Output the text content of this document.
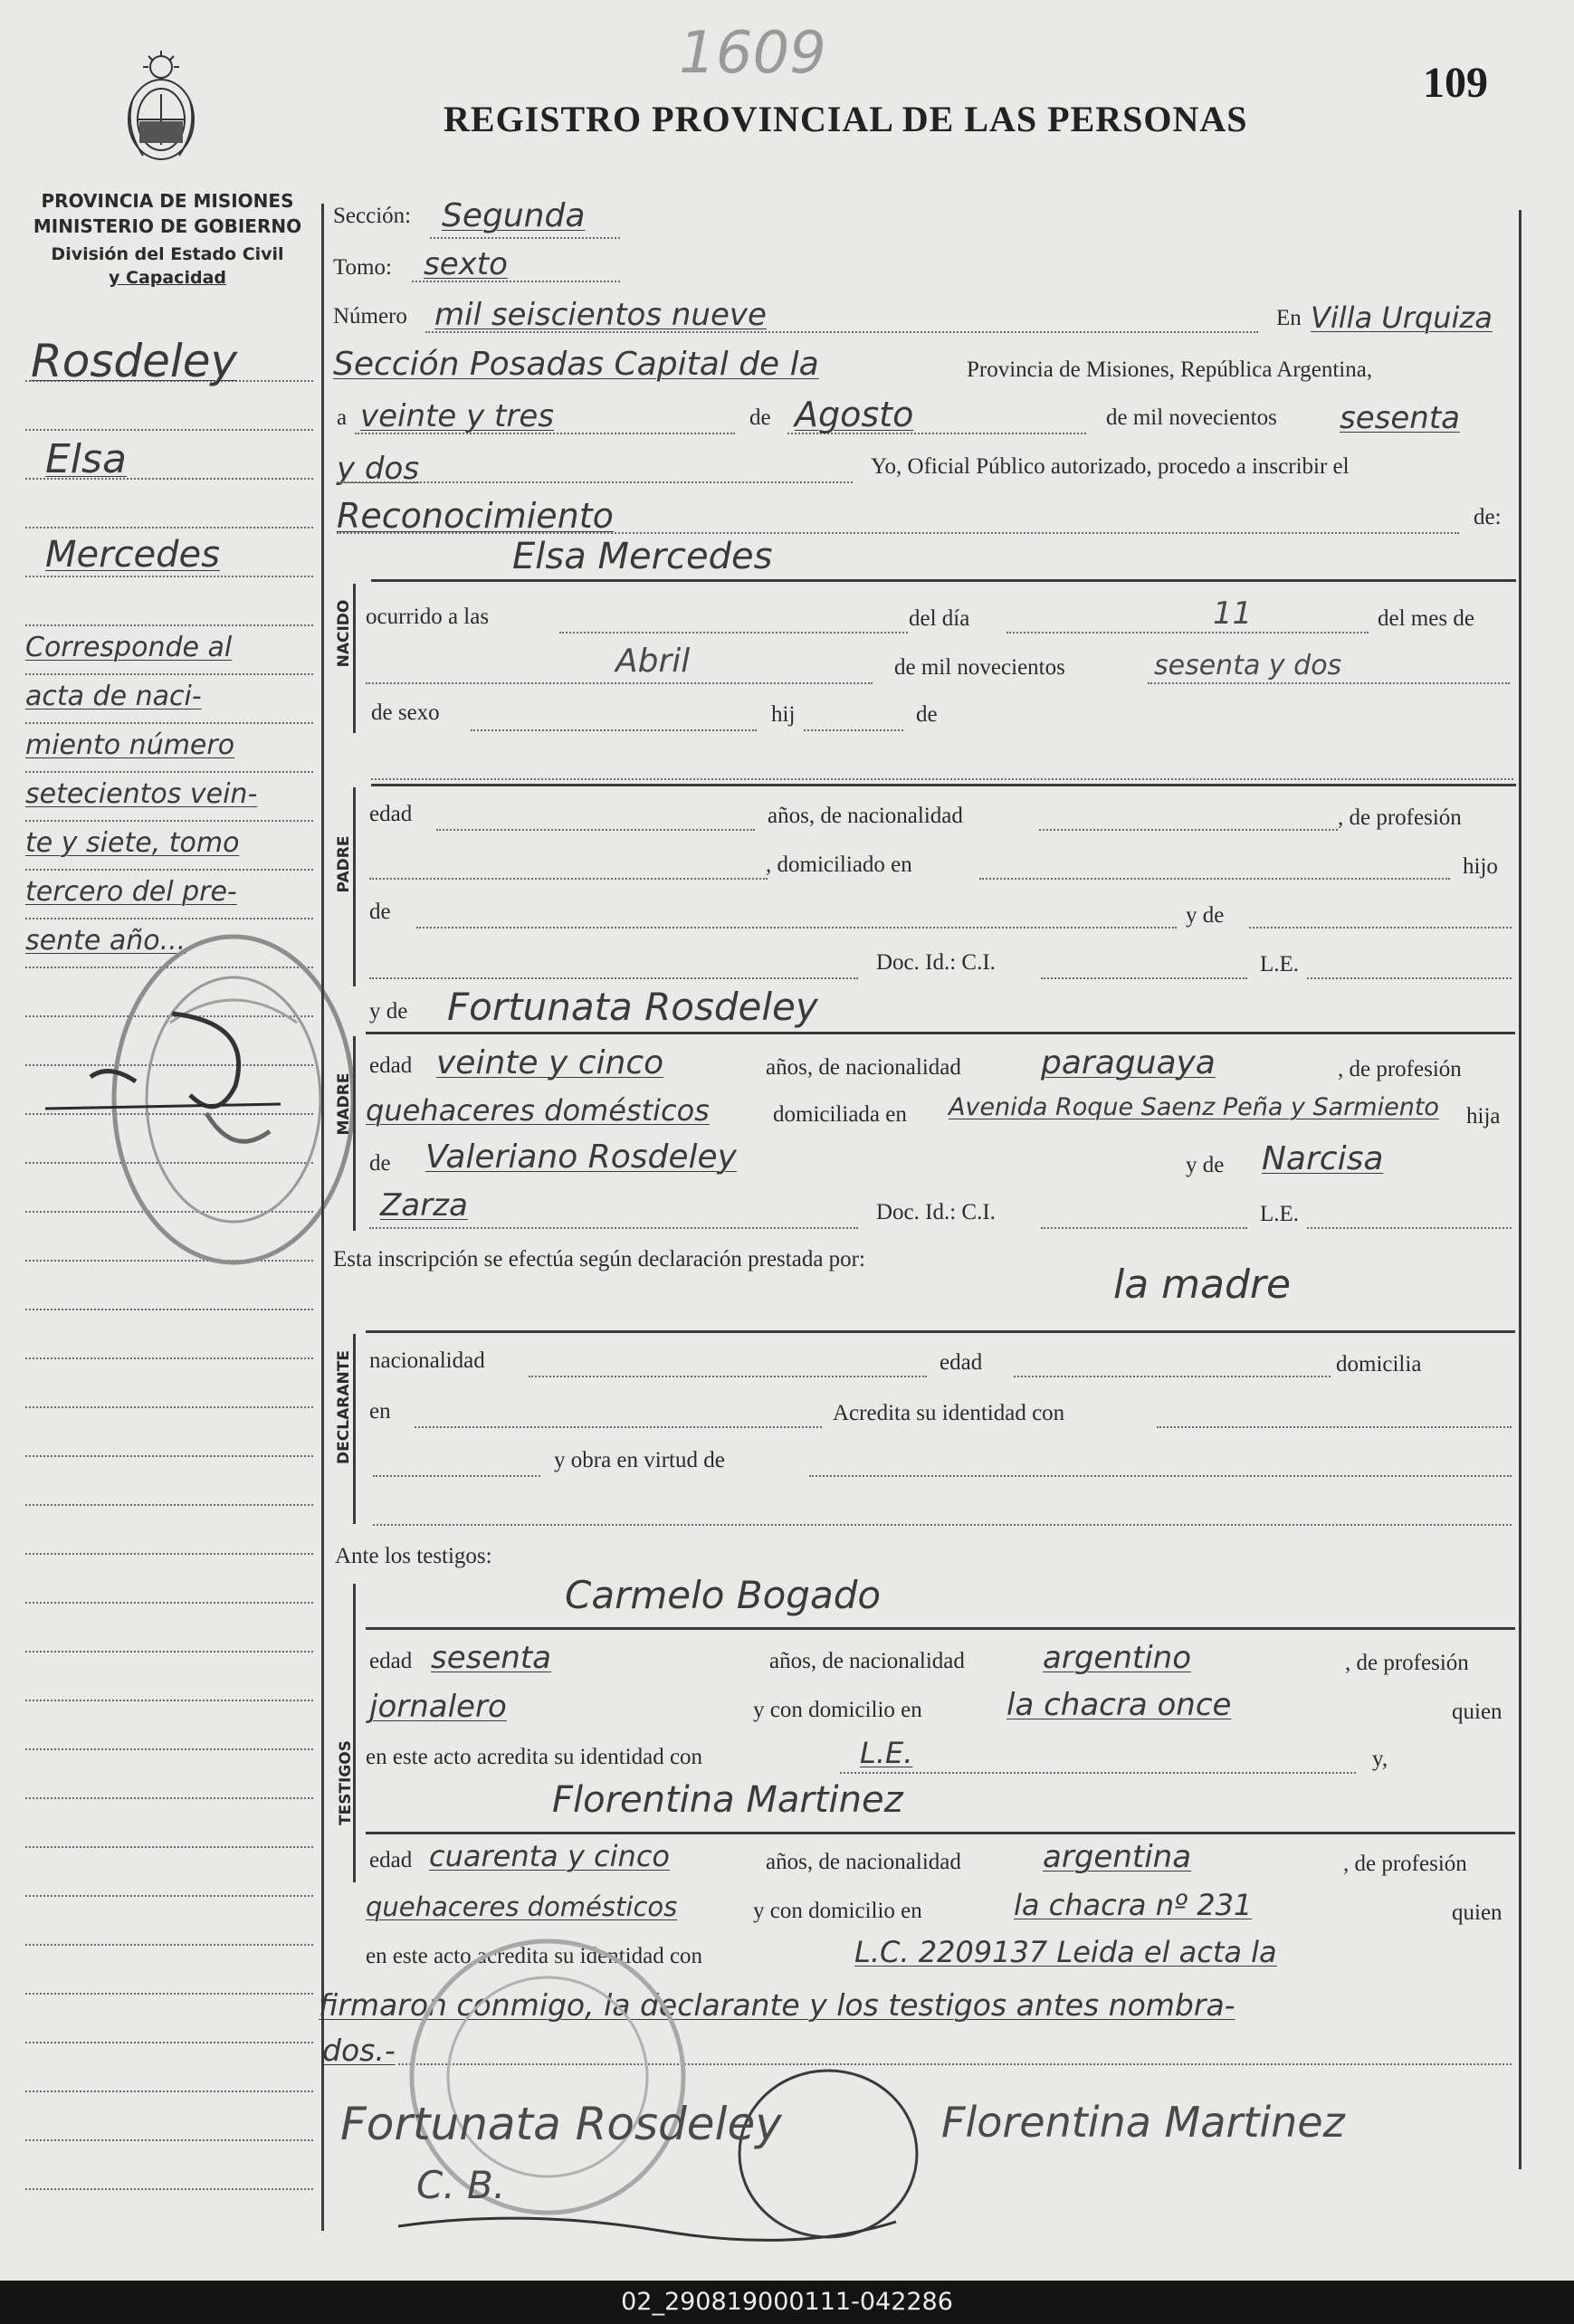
1609	109
REGISTRO PROVINCIAL DE LAS PERSONAS
PROVINCIA DE MISIONES
MINISTERIO DE GOBIERNO
División del Estado Civil
y Capacidad
Rosdeley
Elsa
Mercedes
Corresponde al
acta de naci-
miento número
setecientos vein-
te y siete, tomo
tercero del pre-
sente año...
Sección: Segunda
Tomo: sexto
Número mil seiscientos nueve	En Villa Urquiza
Sección Posadas Capital de la	Provincia de Misiones, República Argentina,
a veinte y tres	de Agosto	de mil novecientos sesenta
y dos	Yo, Oficial Público autorizado, procedo a inscribir el
Reconocimiento	de:
Elsa Mercedes
NACIDO ocurrido a las	del día	11	del mes de
Abril	de mil novecientos	sesenta y dos
de sexo	hij	de
PADRE
edad	años, de nacionalidad	, de profesión
, domiciliado en	hijo
de	y de
Doc. Id.: C.I.	L.E.
y de Fortunata Rosdeley
MADRE
edad veinte y cinco	años, de nacionalidad paraguaya	, de profesión
quehaceres domésticos	domiciliada en Avenida Roque Saenz Peña y Sarmiento hija
de Valeriano Rosdeley	y de Narcisa
Zarza	Doc. Id.: C.I.	L.E.
Esta inscripción se efectúa según declaración prestada por:
la madre
DECLARANTE nacionalidad	edad	domicilia
en	Acredita su identidad con
y obra en virtud de
Ante los testigos:
TESTIGOS
Carmelo Bogado
edad sesenta	años, de nacionalidad	argentino	, de profesión
jornalero	y con domicilio en	la chacra once	quien
en este acto acredita su identidad con	L.E.	y,
Florentina Martinez
edad cuarenta y cinco	años, de nacionalidad	argentina	, de profesión
quehaceres domésticos	y con domicilio en	la chacra nº 231	quien
en este acto acredita su identidad con	L.C. 2209137 Leida el acta la
firmaron conmigo, la declarante y los testigos antes nombra-
dos.-
Fortunata Rosdeley	Florentina Martinez
C. B.
02_290819000111-042286
